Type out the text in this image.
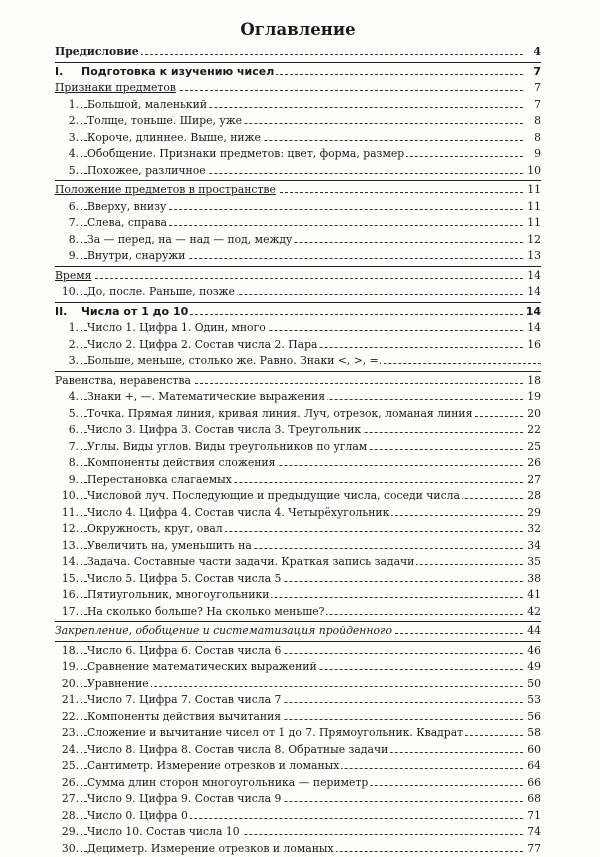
Оглавление
Предисловие	4
I. Подготовка к изучению чисел	7
Признаки предметов	7
1. Большой, маленький	7
2. Толще, тоньше. Шире, уже	8
3. Короче, длиннее. Выше, ниже	8
4. Обобщение. Признаки предметов: цвет, форма, размер	9
5. Похожее, различное	10
Положение предметов в пространстве	11
6. Вверху, внизу	11
7. Слева, справа	11
8. За — перед, на — над — под, между	12
9. Внутри, снаружи	13
Время	14
10. До, после. Раньше, позже	14
II. Числа от 1 до 10	14
1. Число 1. Цифра 1. Один, много	14
2. Число 2. Цифра 2. Состав числа 2. Пара	16
3. Больше, меньше, столько же. Равно. Знаки <, >, =.
Равенства, неравенства	18
4. Знаки +, —. Математические выражения	19
5. Точка. Прямая линия, кривая линия. Луч, отрезок, ломаная линия	20
6. Число 3. Цифра 3. Состав числа 3. Треугольник	22
7. Углы. Виды углов. Виды треугольников по углам	25
8. Компоненты действия сложения	26
9. Перестановка слагаемых	27
10. Числовой луч. Последующие и предыдущие числа, соседи числа	28
11. Число 4. Цифра 4. Состав числа 4. Четырёхугольник	29
12. Окружность, круг, овал	32
13. Увеличить на, уменьшить на	34
14. Задача. Составные части задачи. Краткая запись задачи	35
15. Число 5. Цифра 5. Состав числа 5	38
16. Пятиугольник, многоугольники	41
17. На сколько больше? На сколько меньше?	42
Закрепление, обобщение и систематизация пройденного	44
18. Число 6. Цифра 6. Состав числа 6	46
19. Сравнение математических выражений	49
20. Уравнение	50
21. Число 7. Цифра 7. Состав числа 7	53
22. Компоненты действия вычитания	56
23. Сложение и вычитание чисел от 1 до 7. Прямоугольник. Квадрат	58
24. Число 8. Цифра 8. Состав числа 8. Обратные задачи	60
25. Сантиметр. Измерение отрезков и ломаных	64
26. Сумма длин сторон многоугольника — периметр	66
27. Число 9. Цифра 9. Состав числа 9	68
28. Число 0. Цифра 0	71
29. Число 10. Состав числа 10	74
30. Дециметр. Измерение отрезков и ломаных	77
